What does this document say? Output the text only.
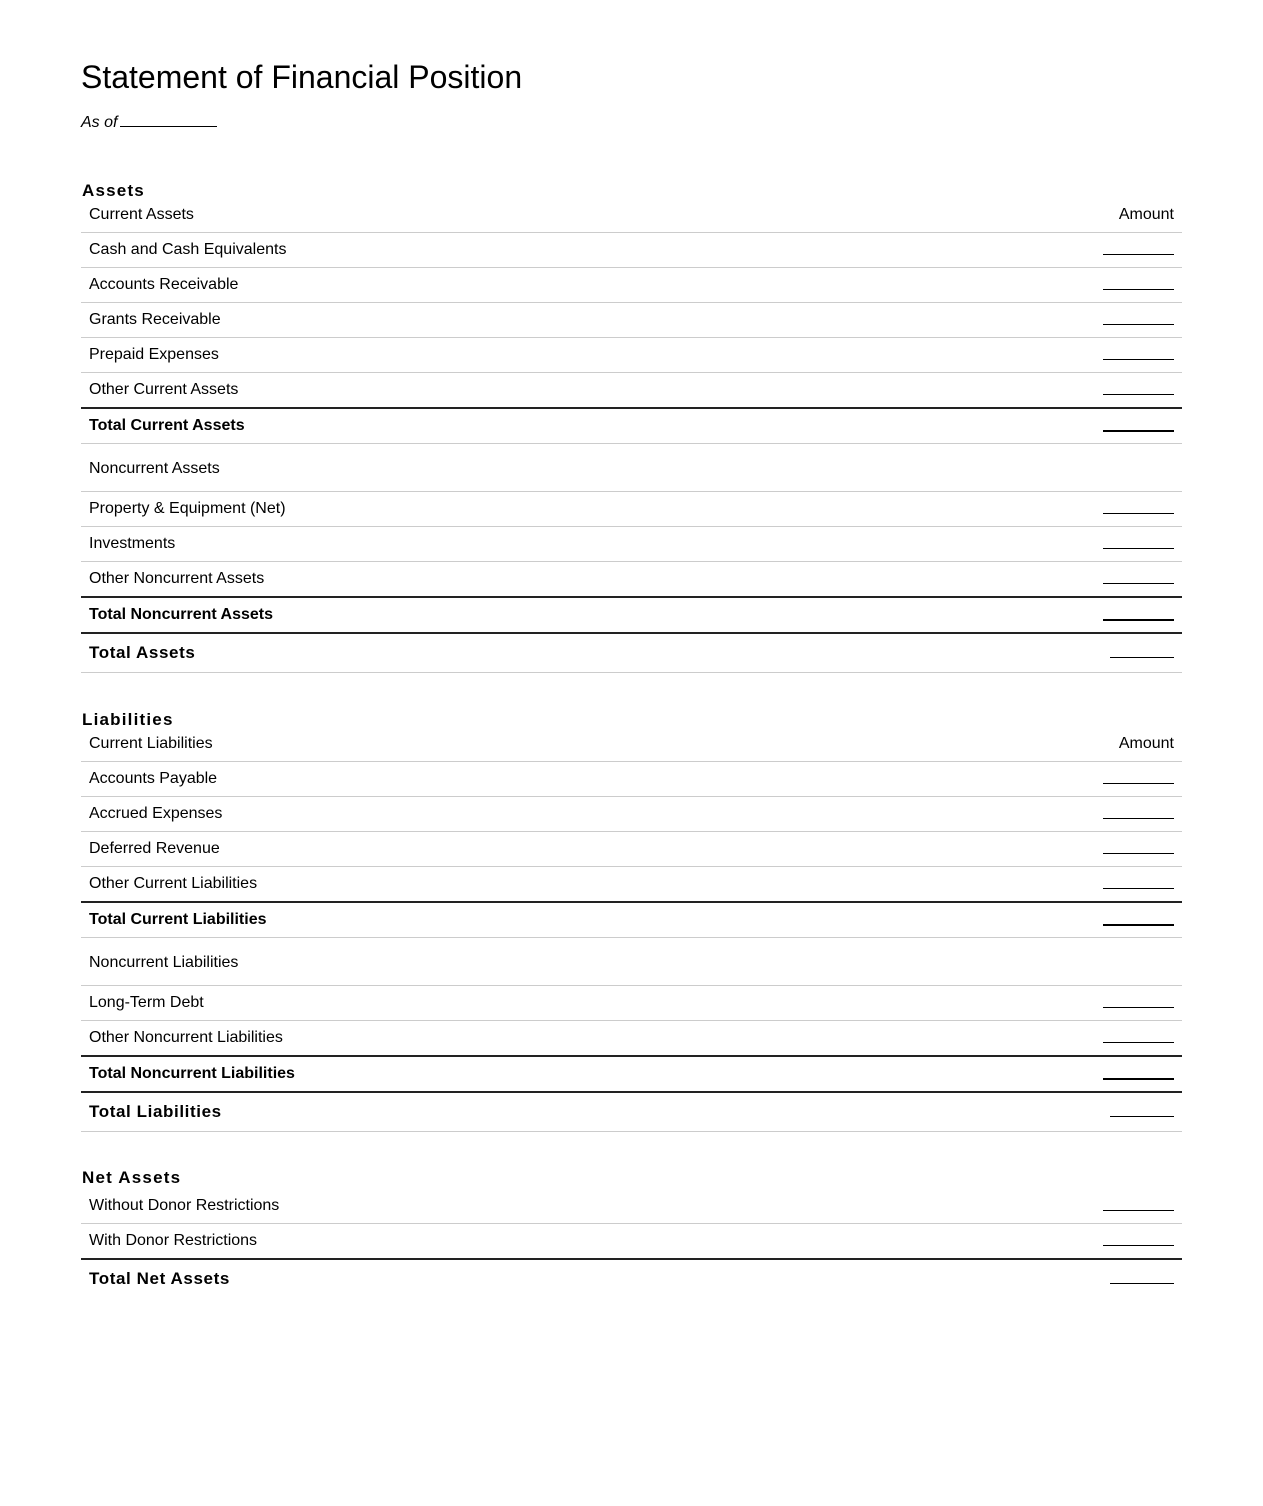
Statement of Financial Position
As of
Assets
Current Assets	Amount
Cash and Cash Equivalents	
Accounts Receivable	
Grants Receivable	
Prepaid Expenses	
Other Current Assets	
Total Current Assets	
Noncurrent Assets	
Property & Equipment (Net)	
Investments	
Other Noncurrent Assets	
Total Noncurrent Assets	
Total Assets	
Liabilities
Current Liabilities	Amount
Accounts Payable	
Accrued Expenses	
Deferred Revenue	
Other Current Liabilities	
Total Current Liabilities	
Noncurrent Liabilities	
Long-Term Debt	
Other Noncurrent Liabilities	
Total Noncurrent Liabilities	
Total Liabilities	
Net Assets
Without Donor Restrictions	
With Donor Restrictions	
Total Net Assets	
